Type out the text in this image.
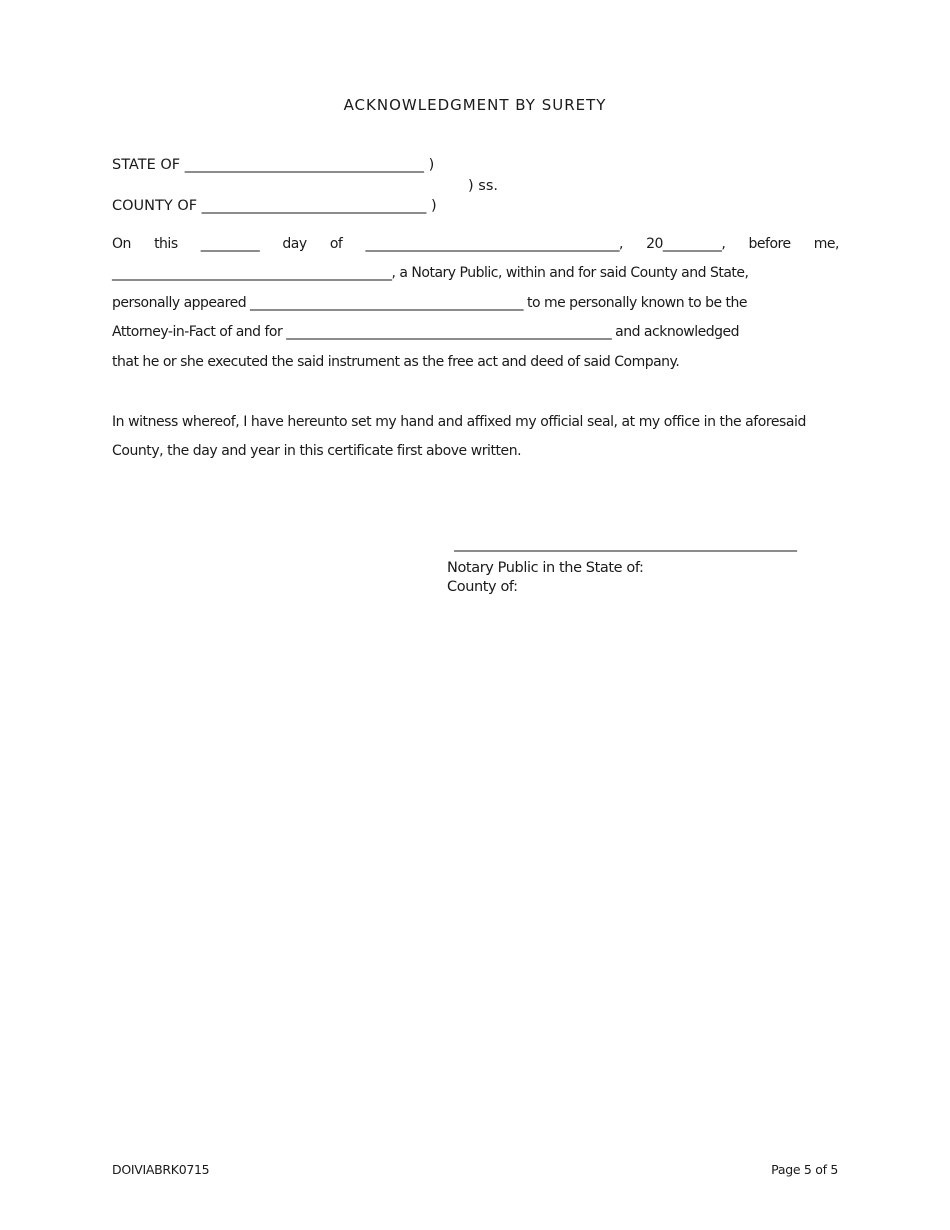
ACKNOWLEDGMENT BY SURETY
STATE OF _________________________________ )
) ss.
COUNTY OF _______________________________ )
On this _________ day of _______________________________________, 20_________, before me,
___________________________________________, a Notary Public, within and for said County and State,
personally appeared __________________________________________ to me personally known to be the
Attorney-in-Fact of and for __________________________________________________ and acknowledged
that he or she executed the said instrument as the free act and deed of said Company.
In witness whereof, I have hereunto set my hand and affixed my official seal, at my office in the aforesaid County, the day and year in this certificate first above written.
_________________________________________________
Notary Public in the State of:
County of:
DOIVIABRK0715	Page 5 of 5
